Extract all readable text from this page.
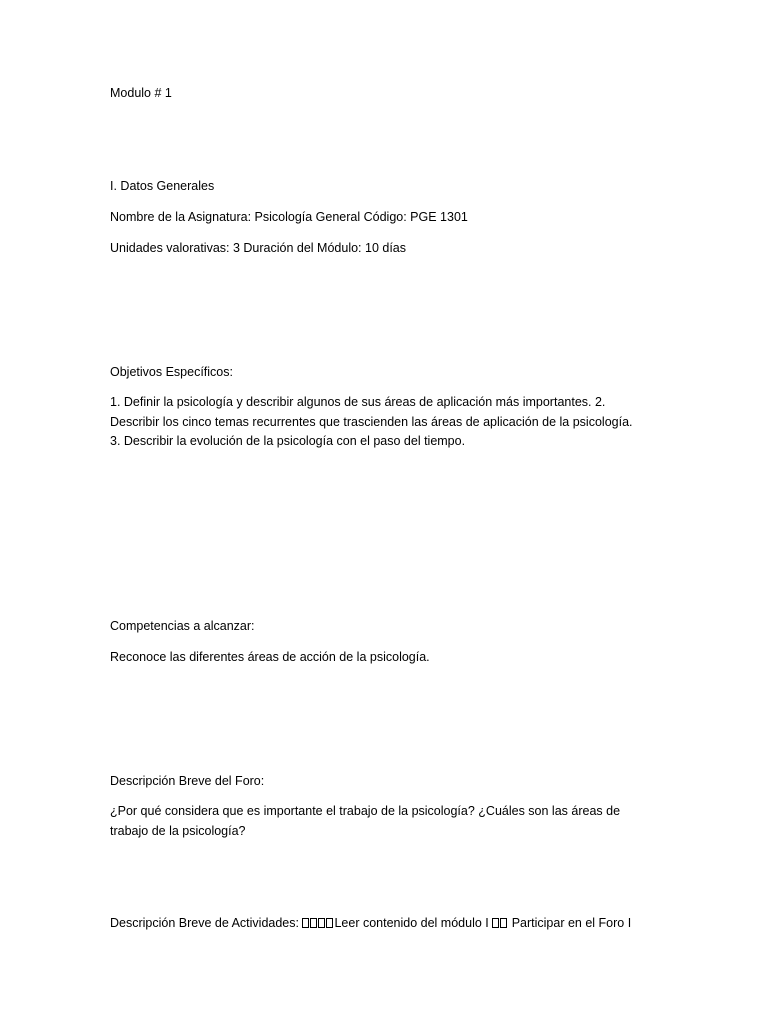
Modulo # 1
I. Datos Generales
Nombre de la Asignatura: Psicología General Código: PGE 1301
Unidades valorativas: 3 Duración del Módulo: 10 días
Objetivos Específicos:
1. Definir la psicología y describir algunos de sus áreas de aplicación más importantes. 2.
Describir los cinco temas recurrentes que trascienden las áreas de aplicación de la psicología.
3. Describir la evolución de la psicología con el paso del tiempo.
Competencias a alcanzar:
Reconoce las diferentes áreas de acción de la psicología.
Descripción Breve del Foro:
¿Por qué considera que es importante el trabajo de la psicología? ¿Cuáles son las áreas de
trabajo de la psicología?
Descripción Breve de Actividades:	Leer contenido del módulo I  Participar en el Foro I
